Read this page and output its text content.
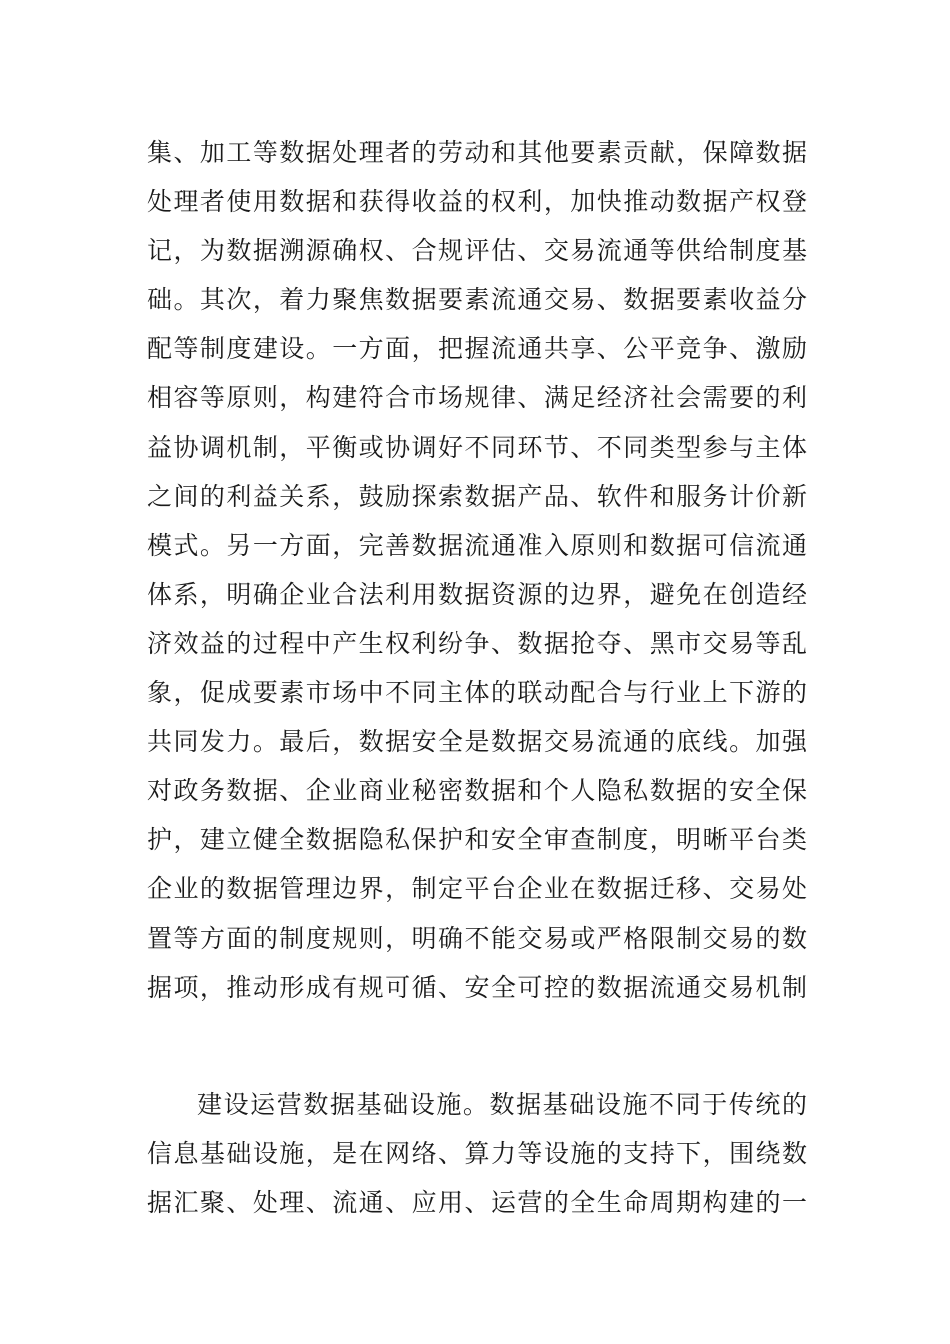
集、加工等数据处理者的劳动和其他要素贡献，保障数据
处理者使用数据和获得收益的权利，加快推动数据产权登
记，为数据溯源确权、合规评估、交易流通等供给制度基
础。其次，着力聚焦数据要素流通交易、数据要素收益分
配等制度建设。一方面，把握流通共享、公平竞争、激励
相容等原则，构建符合市场规律、满足经济社会需要的利
益协调机制，平衡或协调好不同环节、不同类型参与主体
之间的利益关系，鼓励探索数据产品、软件和服务计价新
模式。另一方面，完善数据流通准入原则和数据可信流通
体系，明确企业合法利用数据资源的边界，避免在创造经
济效益的过程中产生权利纷争、数据抢夺、黑市交易等乱
象，促成要素市场中不同主体的联动配合与行业上下游的
共同发力。最后，数据安全是数据交易流通的底线。加强
对政务数据、企业商业秘密数据和个人隐私数据的安全保
护，建立健全数据隐私保护和安全审查制度，明晰平台类
企业的数据管理边界，制定平台企业在数据迁移、交易处
置等方面的制度规则，明确不能交易或严格限制交易的数
据项，推动形成有规可循、安全可控的数据流通交易机制
建设运营数据基础设施。数据基础设施不同于传统的
信息基础设施，是在网络、算力等设施的支持下，围绕数
据汇聚、处理、流通、应用、运营的全生命周期构建的一
